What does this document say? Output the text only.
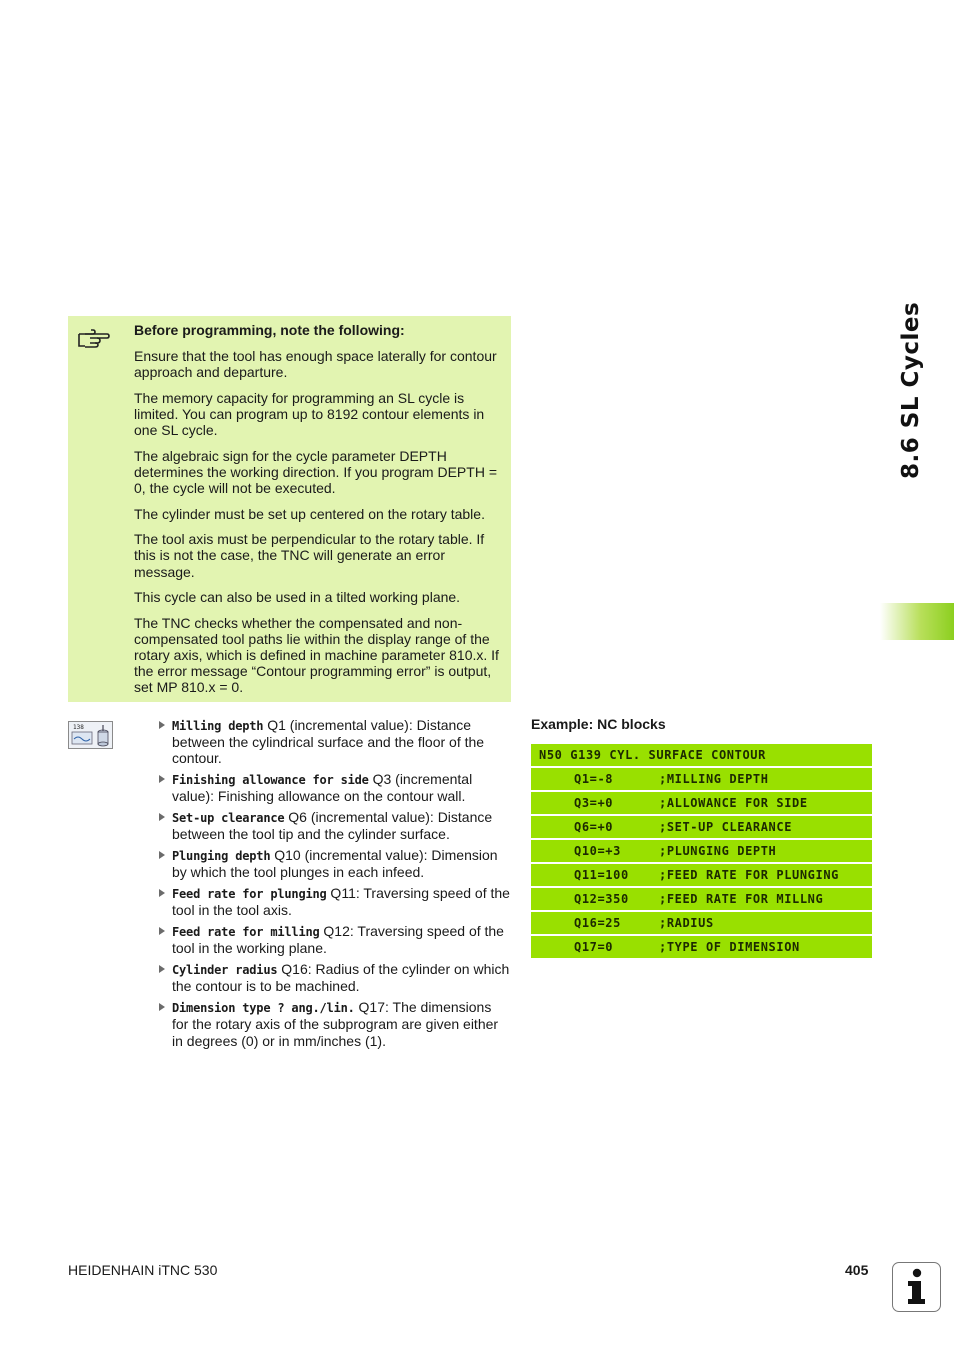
8.6 SL Cycles

Before programming, note the following:

Ensure that the tool has enough space laterally for contour approach and departure.

The memory capacity for programming an SL cycle is limited. You can program up to 8192 contour elements in one SL cycle.

The algebraic sign for the cycle parameter DEPTH determines the working direction. If you program DEPTH = 0, the cycle will not be executed.

The cylinder must be set up centered on the rotary table.

The tool axis must be perpendicular to the rotary table. If this is not the case, the TNC will generate an error message.

This cycle can also be used in a tilted working plane.

The TNC checks whether the compensated and non-compensated tool paths lie within the display range of the rotary axis, which is defined in machine parameter 810.x. If the error message “Contour programming error” is output, set MP 810.x = 0.

138	Milling depth Q1 (incremental value): Distance between the cylindrical surface and the floor of the contour.
Finishing allowance for side Q3 (incremental value): Finishing allowance on the contour wall.
Set-up clearance Q6 (incremental value): Distance between the tool tip and the cylinder surface.
Plunging depth Q10 (incremental value): Dimension by which the tool plunges in each infeed.
Feed rate for plunging Q11: Traversing speed of the tool in the tool axis.
Feed rate for milling Q12: Traversing speed of the tool in the working plane.
Cylinder radius Q16: Radius of the cylinder on which the contour is to be machined.
Dimension type ? ang./lin. Q17: The dimensions for the rotary axis of the subprogram are given either in degrees (0) or in mm/inches (1).
Example: NC blocks
N50 G139 CYL. SURFACE CONTOUR
Q1=-8	;MILLING DEPTH
Q3=+0	;ALLOWANCE FOR SIDE
Q6=+0	;SET-UP CLEARANCE
Q10=+3	;PLUNGING DEPTH
Q11=100	;FEED RATE FOR PLUNGING
Q12=350	;FEED RATE FOR MILLNG
Q16=25	;RADIUS
Q17=0	;TYPE OF DIMENSION
HEIDENHAIN iTNC 530	405
